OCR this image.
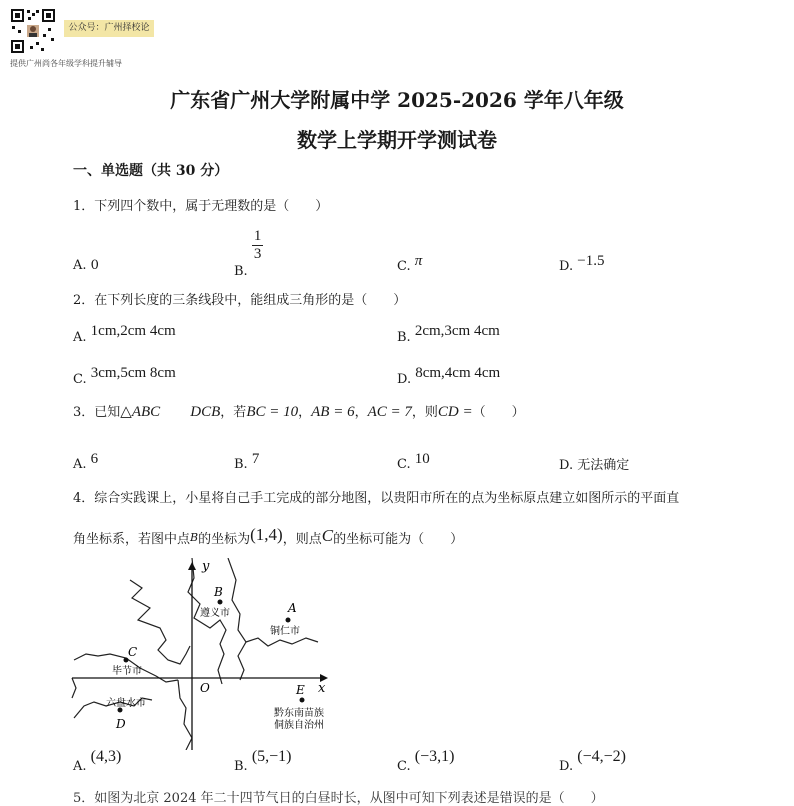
公众号：广州择校论
提供广州尚各年级学科提升辅导
广东省广州大学附属中学 2025-2026 学年八年级
数学上学期开学测试卷
一、单选题（共 30 分）
1．下列四个数中，属于无理数的是（　　）
A. 0	B.
$\frac{1}{3}$
C. π	D. −1.5
2．在下列长度的三条线段中，能组成三角形的是（　　）
A. 1cm,2cm 4cm	B. 2cm,3cm 4cm
C. 3cm,5cm 8cm	D. 8cm,4cm 4cm
3．已知△ABC DCB，若BC = 10，AB = 6，AC = 7，则CD =（　　）
A. 6	B. 7	C. 10	D. 无法确定
4．综合实践课上，小星将自己手工完成的部分地图，以贵阳市所在的点为坐标原点建立如图所示的平面直
角坐标系，若图中点B的坐标为(1,4)，则点C的坐标可能为（　　）
y
x
O
B
遵义市	A
铜仁市
C
毕节市
D
六盘水市
E
黔东南苗族
侗族自治州
A. (4,3)
B. (5,−1)
C. (−3,1)
D. (−4,−2)
5．如图为北京 2024 年二十四节气日的白昼时长，从图中可知下列表述是错误的是（　　）
